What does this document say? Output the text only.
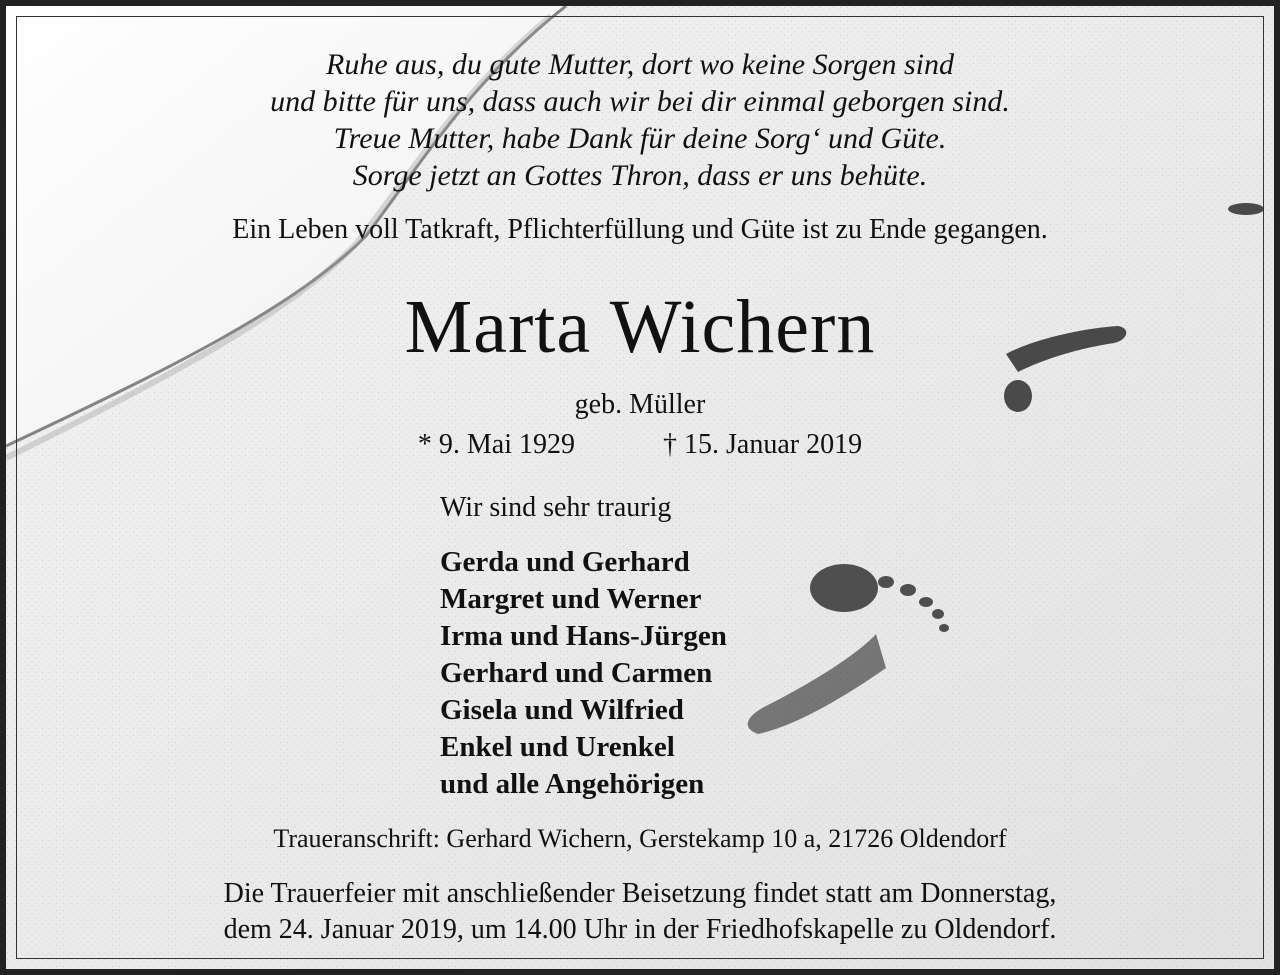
Ruhe aus, du gute Mutter, dort wo keine Sorgen sind
und bitte für uns, dass auch wir bei dir einmal geborgen sind.
Treue Mutter, habe Dank für deine Sorg‘ und Güte.
Sorge jetzt an Gottes Thron, dass er uns behüte.
Ein Leben voll Tatkraft, Pflichterfüllung und Güte ist zu Ende gegangen.
Marta Wichern
geb. Müller
* 9. Mai 1929	† 15. Januar 2019
Wir sind sehr traurig
Gerda und Gerhard
Margret und Werner
Irma und Hans-Jürgen
Gerhard und Carmen
Gisela und Wilfried
Enkel und Urenkel
und alle Angehörigen
Traueranschrift: Gerhard Wichern, Gerstekamp 10 a, 21726 Oldendorf
Die Trauerfeier mit anschließender Beisetzung findet statt am Donnerstag,
dem 24. Januar 2019, um 14.00 Uhr in der Friedhofskapelle zu Oldendorf.
